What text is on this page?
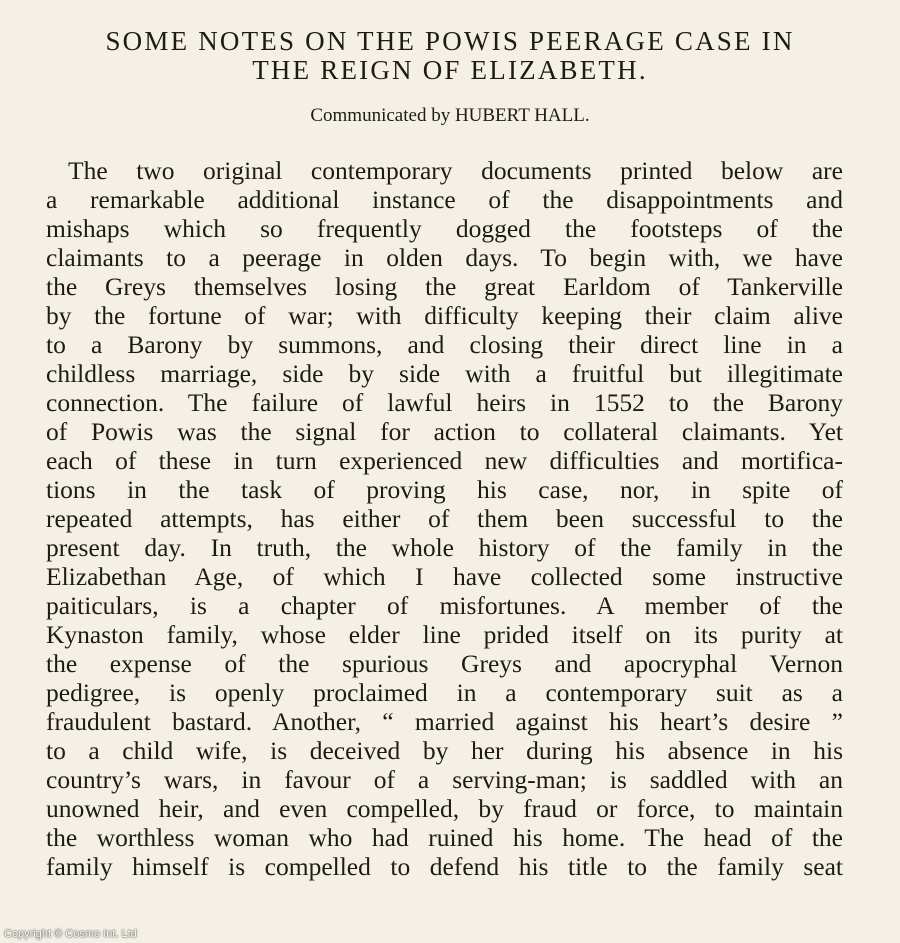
SOME NOTES ON THE POWIS PEERAGE CASE IN
THE REIGN OF ELIZABETH.

Communicated by HUBERT HALL.

The two original contemporary documents printed below are

a remarkable additional instance of the disappointments and

mishaps which so frequently dogged the footsteps of the

claimants to a peerage in olden days. To begin with, we have

the Greys themselves losing the great Earldom of Tankerville

by the fortune of war; with difficulty keeping their claim alive

to a Barony by summons, and closing their direct line in a

childless marriage, side by side with a fruitful but illegitimate

connection. The failure of lawful heirs in 1552 to the Barony

of Powis was the signal for action to collateral claimants. Yet

each of these in turn experienced new difficulties and mortifica-

tions in the task of proving his case, nor, in spite of

repeated attempts, has either of them been successful to the

present day. In truth, the whole history of the family in the

Elizabethan Age, of which I have collected some instructive

paiticulars, is a chapter of misfortunes. A member of the

Kynaston family, whose elder line prided itself on its purity at

the expense of the spurious Greys and apocryphal Vernon

pedigree, is openly proclaimed in a contemporary suit as a

fraudulent bastard. Another, “ married against his heart’s desire ”

to a child wife, is deceived by her during his absence in his

country’s wars, in favour of a serving-man; is saddled with an

unowned heir, and even compelled, by fraud or force, to maintain

the worthless woman who had ruined his home. The head of the

family himself is compelled to defend his title to the family seat

Copyright © Cosmo Int. Ltd
